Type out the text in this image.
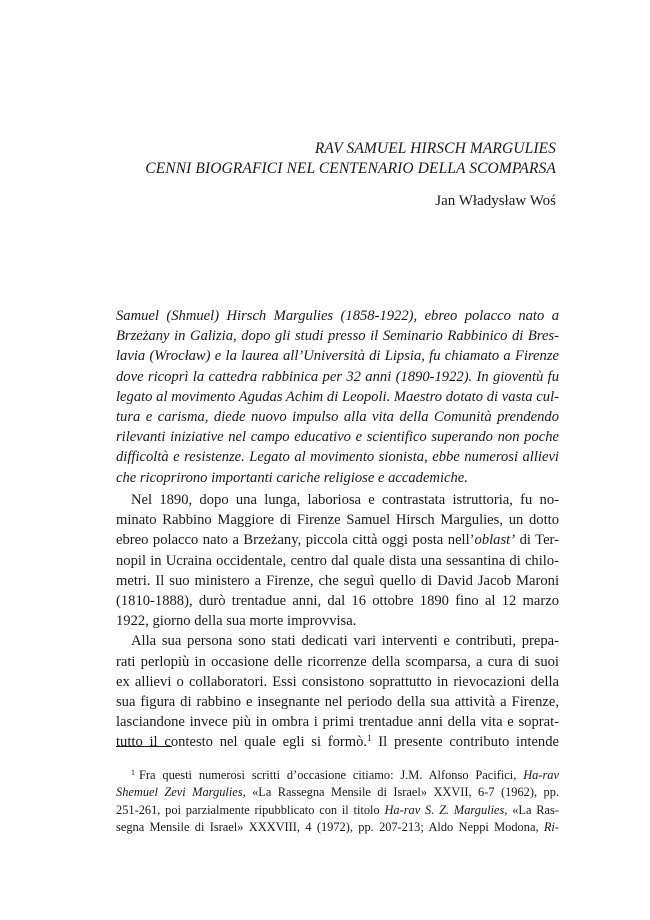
RAV SAMUEL HIRSCH MARGULIES
CENNI BIOGRAFICI NEL CENTENARIO DELLA SCOMPARSA
Jan Władysław Woś
Samuel (Shmuel) Hirsch Margulies (1858-1922), ebreo polacco nato a
Brzeżany in Galizia, dopo gli studi presso il Seminario Rabbinico di Bres-
lavia (Wrocław) e la laurea all’Università di Lipsia, fu chiamato a Firenze
dove ricoprì la cattedra rabbinica per 32 anni (1890-1922). In gioventù fu
legato al movimento Agudas Achim di Leopoli. Maestro dotato di vasta cul-
tura e carisma, diede nuovo impulso alla vita della Comunità prendendo
rilevanti iniziative nel campo educativo e scientifico superando non poche
difficoltà e resistenze. Legato al movimento sionista, ebbe numerosi allievi
che ricoprirono importanti cariche religiose e accademiche.
Nel 1890, dopo una lunga, laboriosa e contrastata istruttoria, fu no-
minato Rabbino Maggiore di Firenze Samuel Hirsch Margulies, un dotto
ebreo polacco nato a Brzeżany, piccola città oggi posta nell’oblast’ di Ter-
nopil in Ucraina occidentale, centro dal quale dista una sessantina di chilo-
metri. Il suo ministero a Firenze, che seguì quello di David Jacob Maroni
(1810-1888), durò trentadue anni, dal 16 ottobre 1890 fino al 12 marzo
1922, giorno della sua morte improvvisa.
Alla sua persona sono stati dedicati vari interventi e contributi, prepa-
rati perlopiù in occasione delle ricorrenze della scomparsa, a cura di suoi
ex allievi o collaboratori. Essi consistono soprattutto in rievocazioni della
sua figura di rabbino e insegnante nel periodo della sua attività a Firenze,
lasciandone invece più in ombra i primi trentadue anni della vita e soprat-
tutto il contesto nel quale egli si formò.$^1$ Il presente contributo intende
$^1$ Fra questi numerosi scritti d’occasione citiamo: J.M. Alfonso Pacifici, Ha-rav
Shemuel Zevi Margulies, «La Rassegna Mensile di Israel» XXVII, 6-7 (1962), pp.
251-261, poi parzialmente ripubblicato con il titolo Ha-rav S. Z. Margulies, «La Ras-
segna Mensile di Israel» XXXVIII, 4 (1972), pp. 207-213; Aldo Neppi Modona, Ri-
